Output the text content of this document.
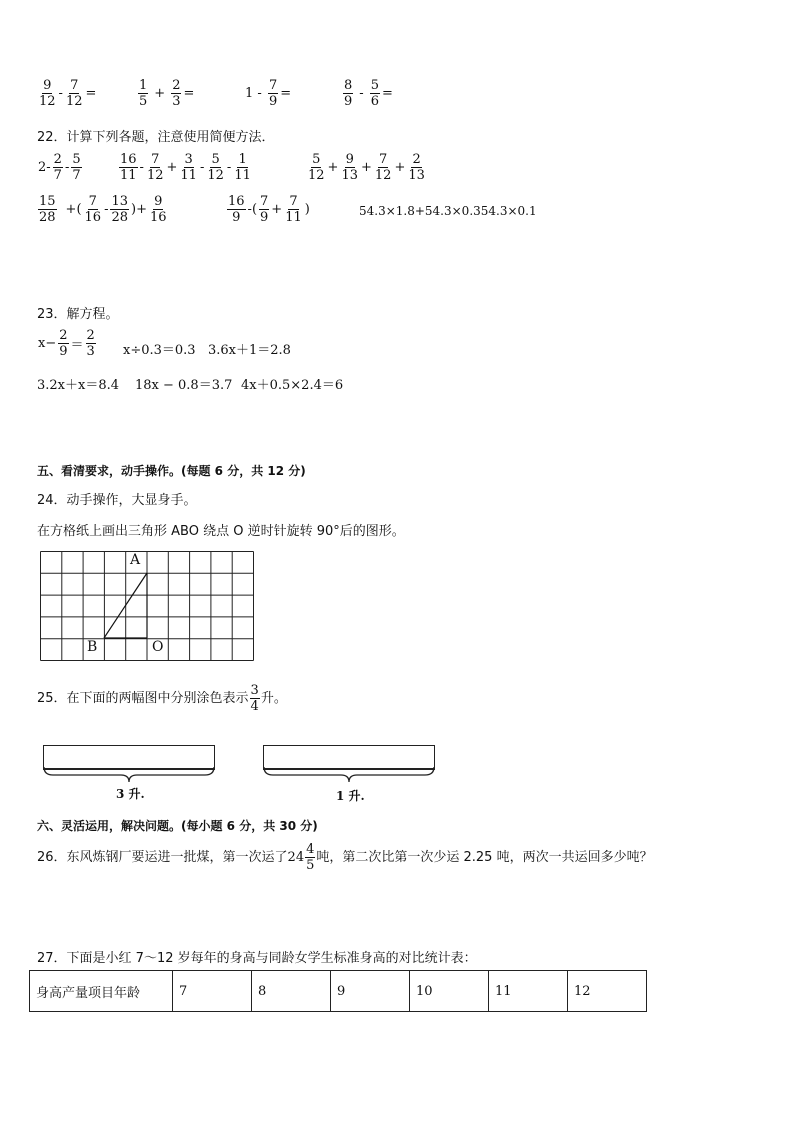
$\frac{9}{12} - \frac{7}{12}$ =	$\frac{1}{5} + \frac{2}{3}$ =	$1 - \frac{7}{9}$ =	$\frac{8}{9} - \frac{5}{6}$ =
22．计算下列各题，注意使用简便方法．
$2- \frac{2}{7} - \frac{5}{7}$	$\frac{16}{11} - \frac{7}{12} + \frac{3}{11} - \frac{5}{12} - \frac{1}{11}$	$\frac{5}{12} + \frac{9}{13} + \frac{7}{12} + \frac{2}{13}$
$\frac{15}{28}$ +( $\frac{7}{16} - \frac{13}{28}$ )+ $\frac{9}{16}$	$\frac{16}{9}$ -( $\frac{7}{9} + \frac{7}{11}$ )	54.3×1.8+54.3×0.354.3×0.1
23．解方程。
$x- \frac{2}{9} = \frac{2}{3} x\div 0.3=0.3$ 3.6x＋1＝2.8
3.2x＋x＝8.4 18x − 0.8＝3.7 4x＋0.5×2.4＝6
五、看清要求，动手操作。(每题 6 分，共 12 分)
24．动手操作，大显身手。
在方格纸上画出三角形 ABO 绕点 O 逆时针旋转 90°后的图形。
A
B	O
25．在下面的两幅图中分别涂色表示 $\frac{3}{4}$ 升。
3 升.	1 升.
六、灵活运用，解决问题。(每小题 6 分，共 30 分)
26．东风炼钢厂要运进一批煤，第一次运了$24 \frac{4}{5}$ 吨，第二次比第一次少运 2.25 吨，两次一共运回多少吨？
27．下面是小红 7～12 岁每年的身高与同龄女学生标准身高的对比统计表：
身高产量项目年龄	7	8	9	10	11	12
